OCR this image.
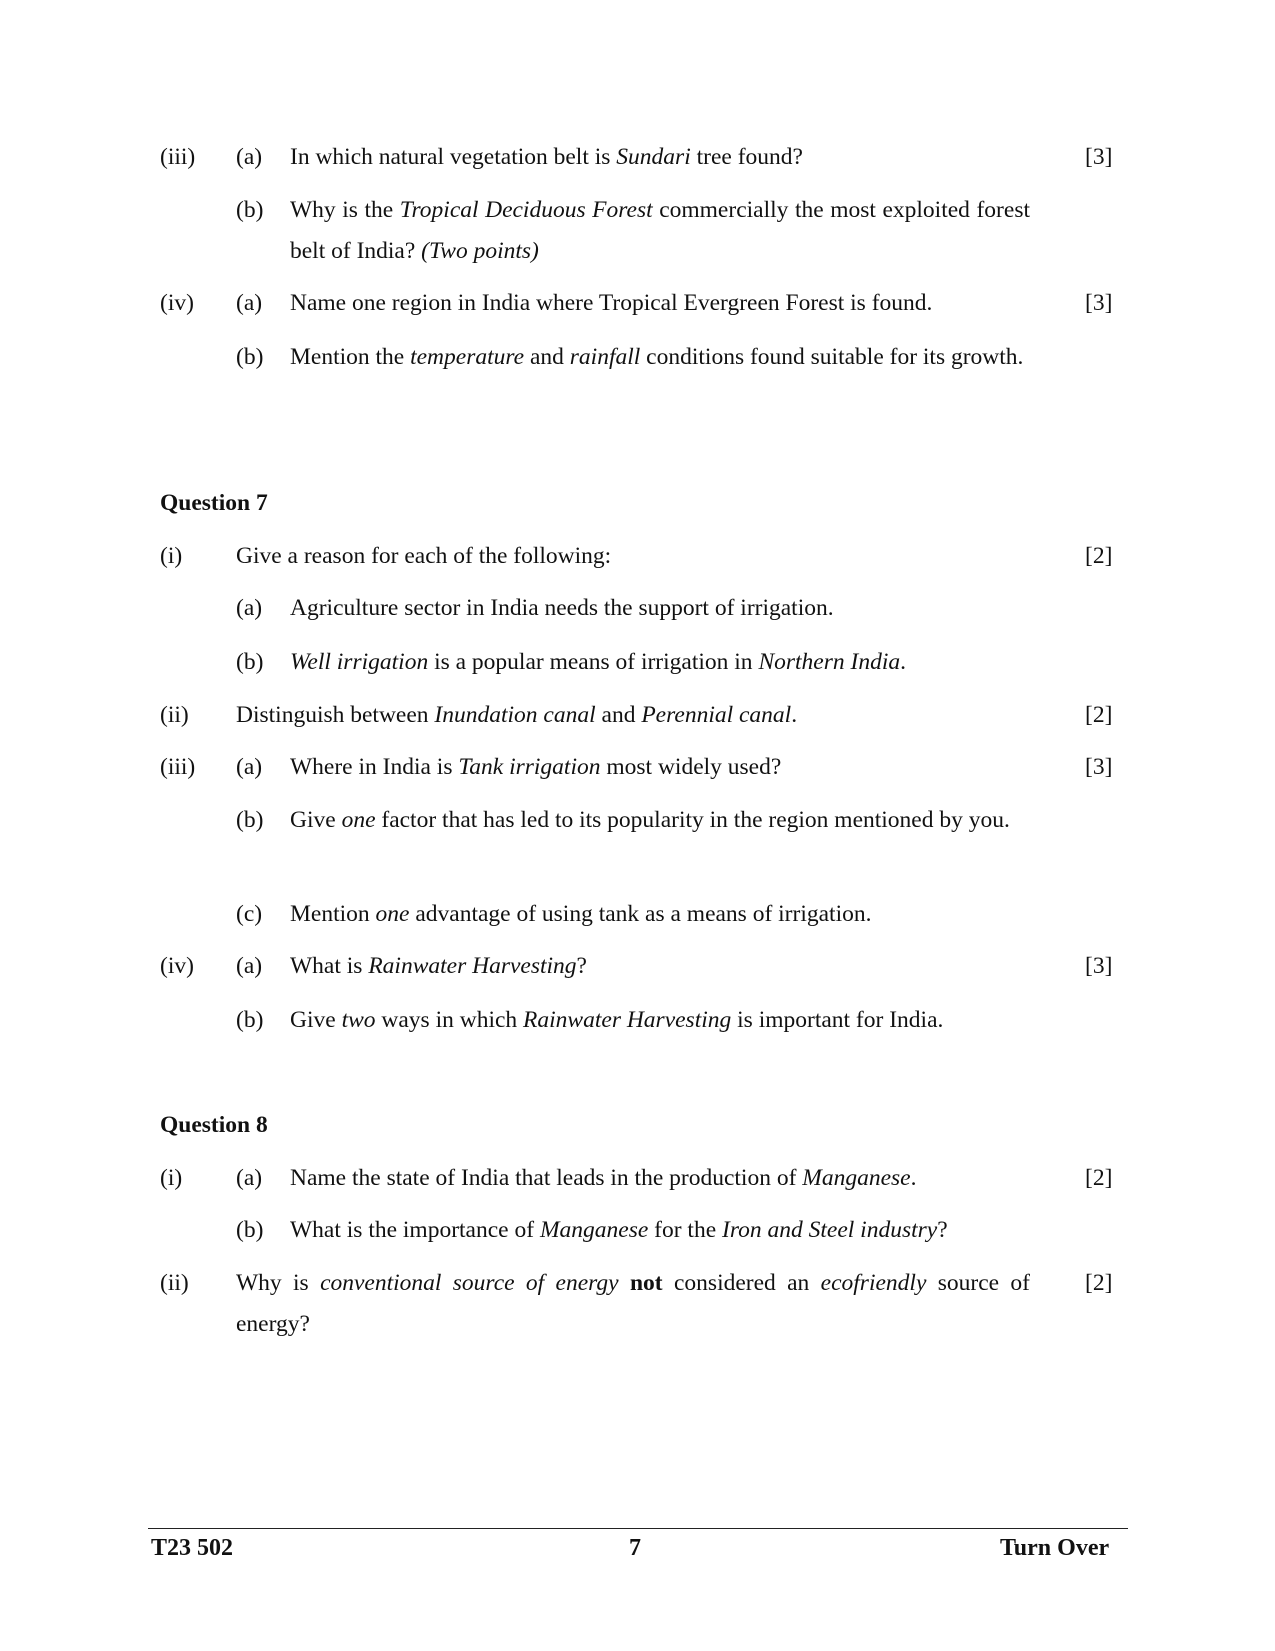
(iii) (a) In which natural vegetation belt is Sundari tree found?	[3]
(b) Why is the Tropical Deciduous Forest commercially the most exploited forest belt of India? (Two points)
(iv) (a) Name one region in India where Tropical Evergreen Forest is found.	[3]
(b) Mention the temperature and rainfall conditions found suitable for its growth.
Question 7
(i) Give a reason for each of the following:	[2]
(a) Agriculture sector in India needs the support of irrigation.
(b) Well irrigation is a popular means of irrigation in Northern India.
(ii) Distinguish between Inundation canal and Perennial canal.	[2]
(iii) (a) Where in India is Tank irrigation most widely used?	[3]
(b) Give one factor that has led to its popularity in the region mentioned by you.
(c) Mention one advantage of using tank as a means of irrigation.
(iv) (a) What is Rainwater Harvesting?	[3]
(b) Give two ways in which Rainwater Harvesting is important for India.
Question 8
(i) (a) Name the state of India that leads in the production of Manganese.	[2]
(b) What is the importance of Manganese for the Iron and Steel industry?
(ii) Why is conventional source of energy not considered an ecofriendly source of energy?
[2]
T23 502	7	Turn Over
